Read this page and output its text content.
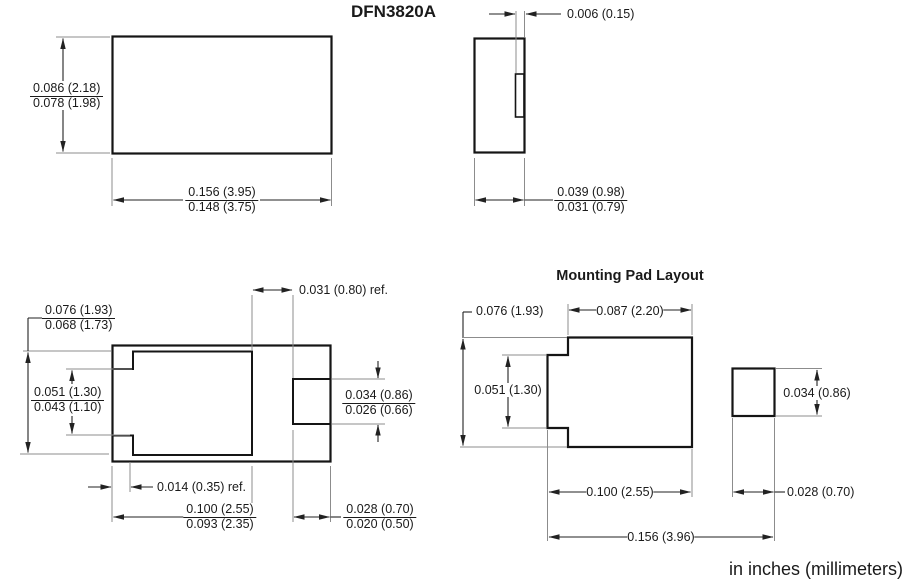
DFN3820A
$\frac{0.086 (2.18)}{0.078 (1.98)}$
$\frac{0.156 (3.95)}{0.148 (3.75)}$
0.006 (0.15)
$\frac{0.039 (0.98)}{0.031 (0.79)}$
$\frac{0.076 (1.93)}{0.068 (1.73)}$
$\frac{0.051 (1.30)}{0.043 (1.10)}$
0.031 (0.80) ref.
0.014 (0.35) ref.
$\frac{0.100 (2.55)}{0.093 (2.35)}$	$\frac{0.028 (0.70)}{0.020 (0.50)}$
$\frac{0.034 (0.86)}{0.026 (0.66)}$
Mounting Pad Layout
0.076 (1.93)	0.087 (2.20)
0.051 (1.30)
0.100 (2.55)	0.028 (0.70)
0.034 (0.86)
0.156 (3.96)
in inches (millimeters)
